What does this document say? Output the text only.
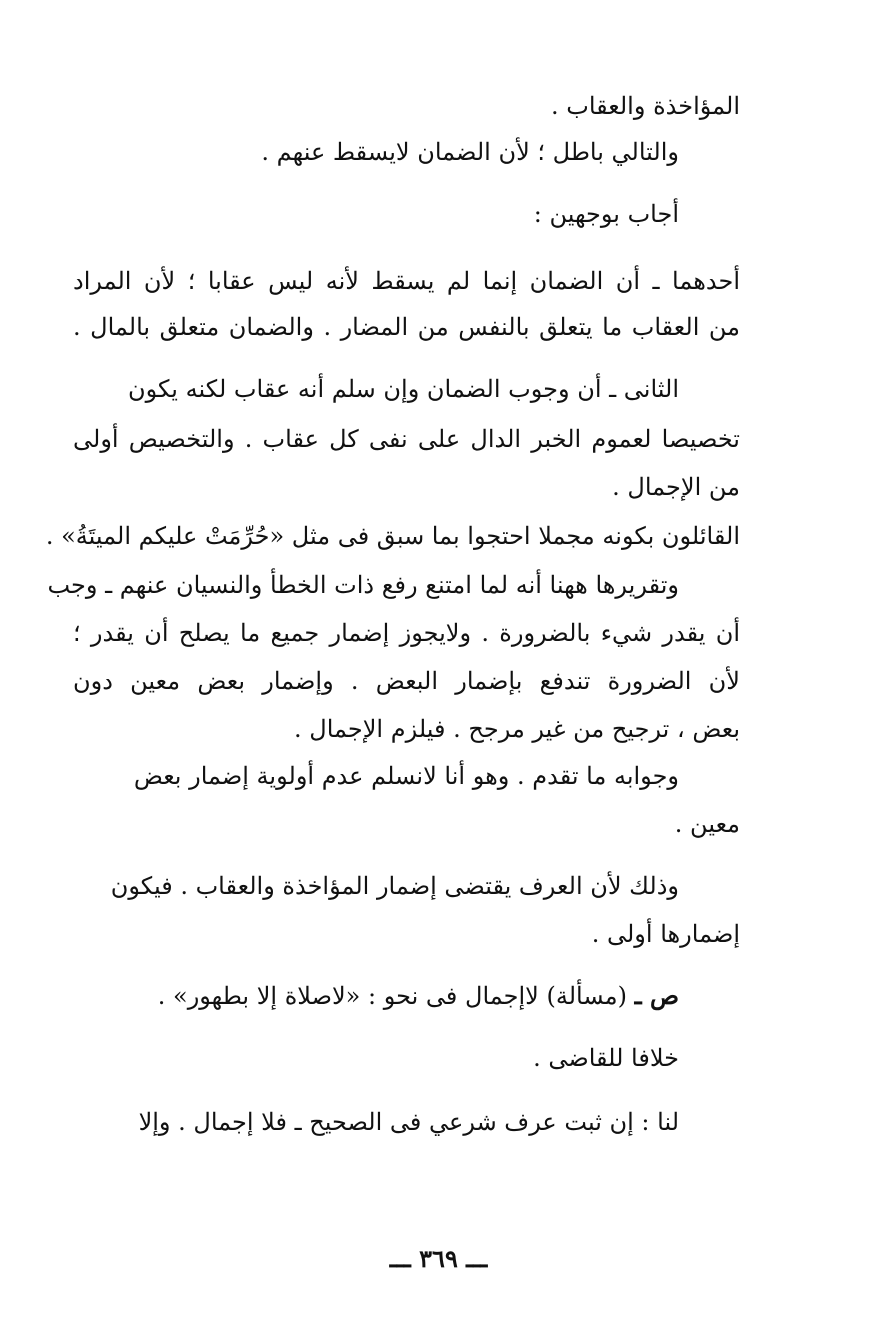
المؤاخذة والعقاب .
والتالي باطل ؛ لأن الضمان لايسقط عنهم .
أجاب بوجهين :
أحدهما ـ أن الضمان إنما لم يسقط لأنه ليس عقابا ؛ لأن المراد
من العقاب ما يتعلق بالنفس من المضار . والضمان متعلق بالمال .
الثانى ـ أن وجوب الضمان وإن سلم أنه عقاب لكنه يكون
تخصيصا لعموم الخبر الدال على نفى كل عقاب . والتخصيص أولى
من الإجمال .
القائلون بكونه مجملا احتجوا بما سبق فى مثل «حُرِّمَتْ عليكم الميتَةُ» .
وتقريرها ههنا أنه لما امتنع رفع ذات الخطأ والنسيان عنهم ـ وجب
أن يقدر شيء بالضرورة . ولايجوز إضمار جميع ما يصلح أن يقدر ؛
لأن الضرورة تندفع بإضمار البعض . وإضمار بعض معين دون
بعض ، ترجيح من غير مرجح . فيلزم الإجمال .
وجوابه ما تقدم . وهو أنا لانسلم عدم أولوية إضمار بعض
معين .
وذلك لأن العرف يقتضى إضمار المؤاخذة والعقاب . فيكون
إضمارها أولى .
ص ـ (مسألة) لاإجمال فى نحو : «لاصلاة إلا بطهور» .
خلافا للقاضى .
لنا : إن ثبت عرف شرعي فى الصحيح ـ فلا إجمال . وإلا
ـــ ٣٦٩ ـــ
